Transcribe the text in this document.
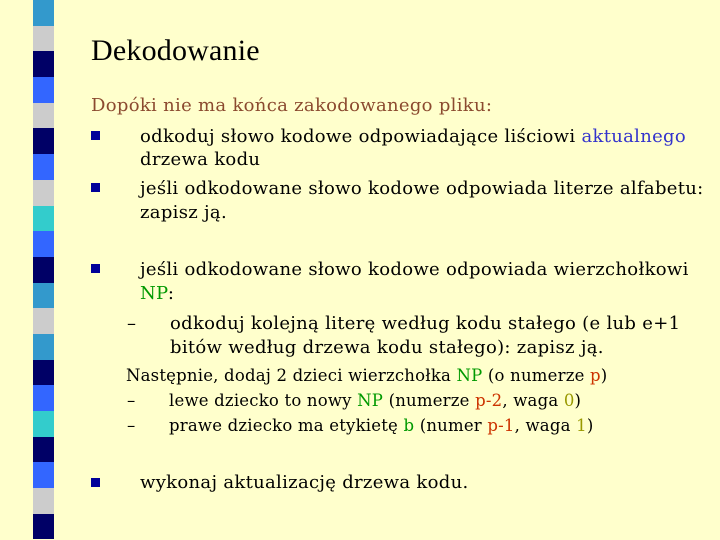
Dekodowanie
Dopóki nie ma końca zakodowanego pliku:
odkoduj słowo kodowe odpowiadające liściowi aktualnego
drzewa kodu
jeśli odkodowane słowo kodowe odpowiada literze alfabetu:
zapisz ją.
jeśli odkodowane słowo kodowe odpowiada wierzchołkowi
NP:
– odkoduj kolejną literę według kodu stałego (e lub e+1
bitów według drzewa kodu stałego): zapisz ją.
Następnie, dodaj 2 dzieci wierzchołka NP (o numerze p)
– lewe dziecko to nowy NP (numerze p-2, waga 0)
– prawe dziecko ma etykietę b (numer p-1, waga 1)
wykonaj aktualizację drzewa kodu.
